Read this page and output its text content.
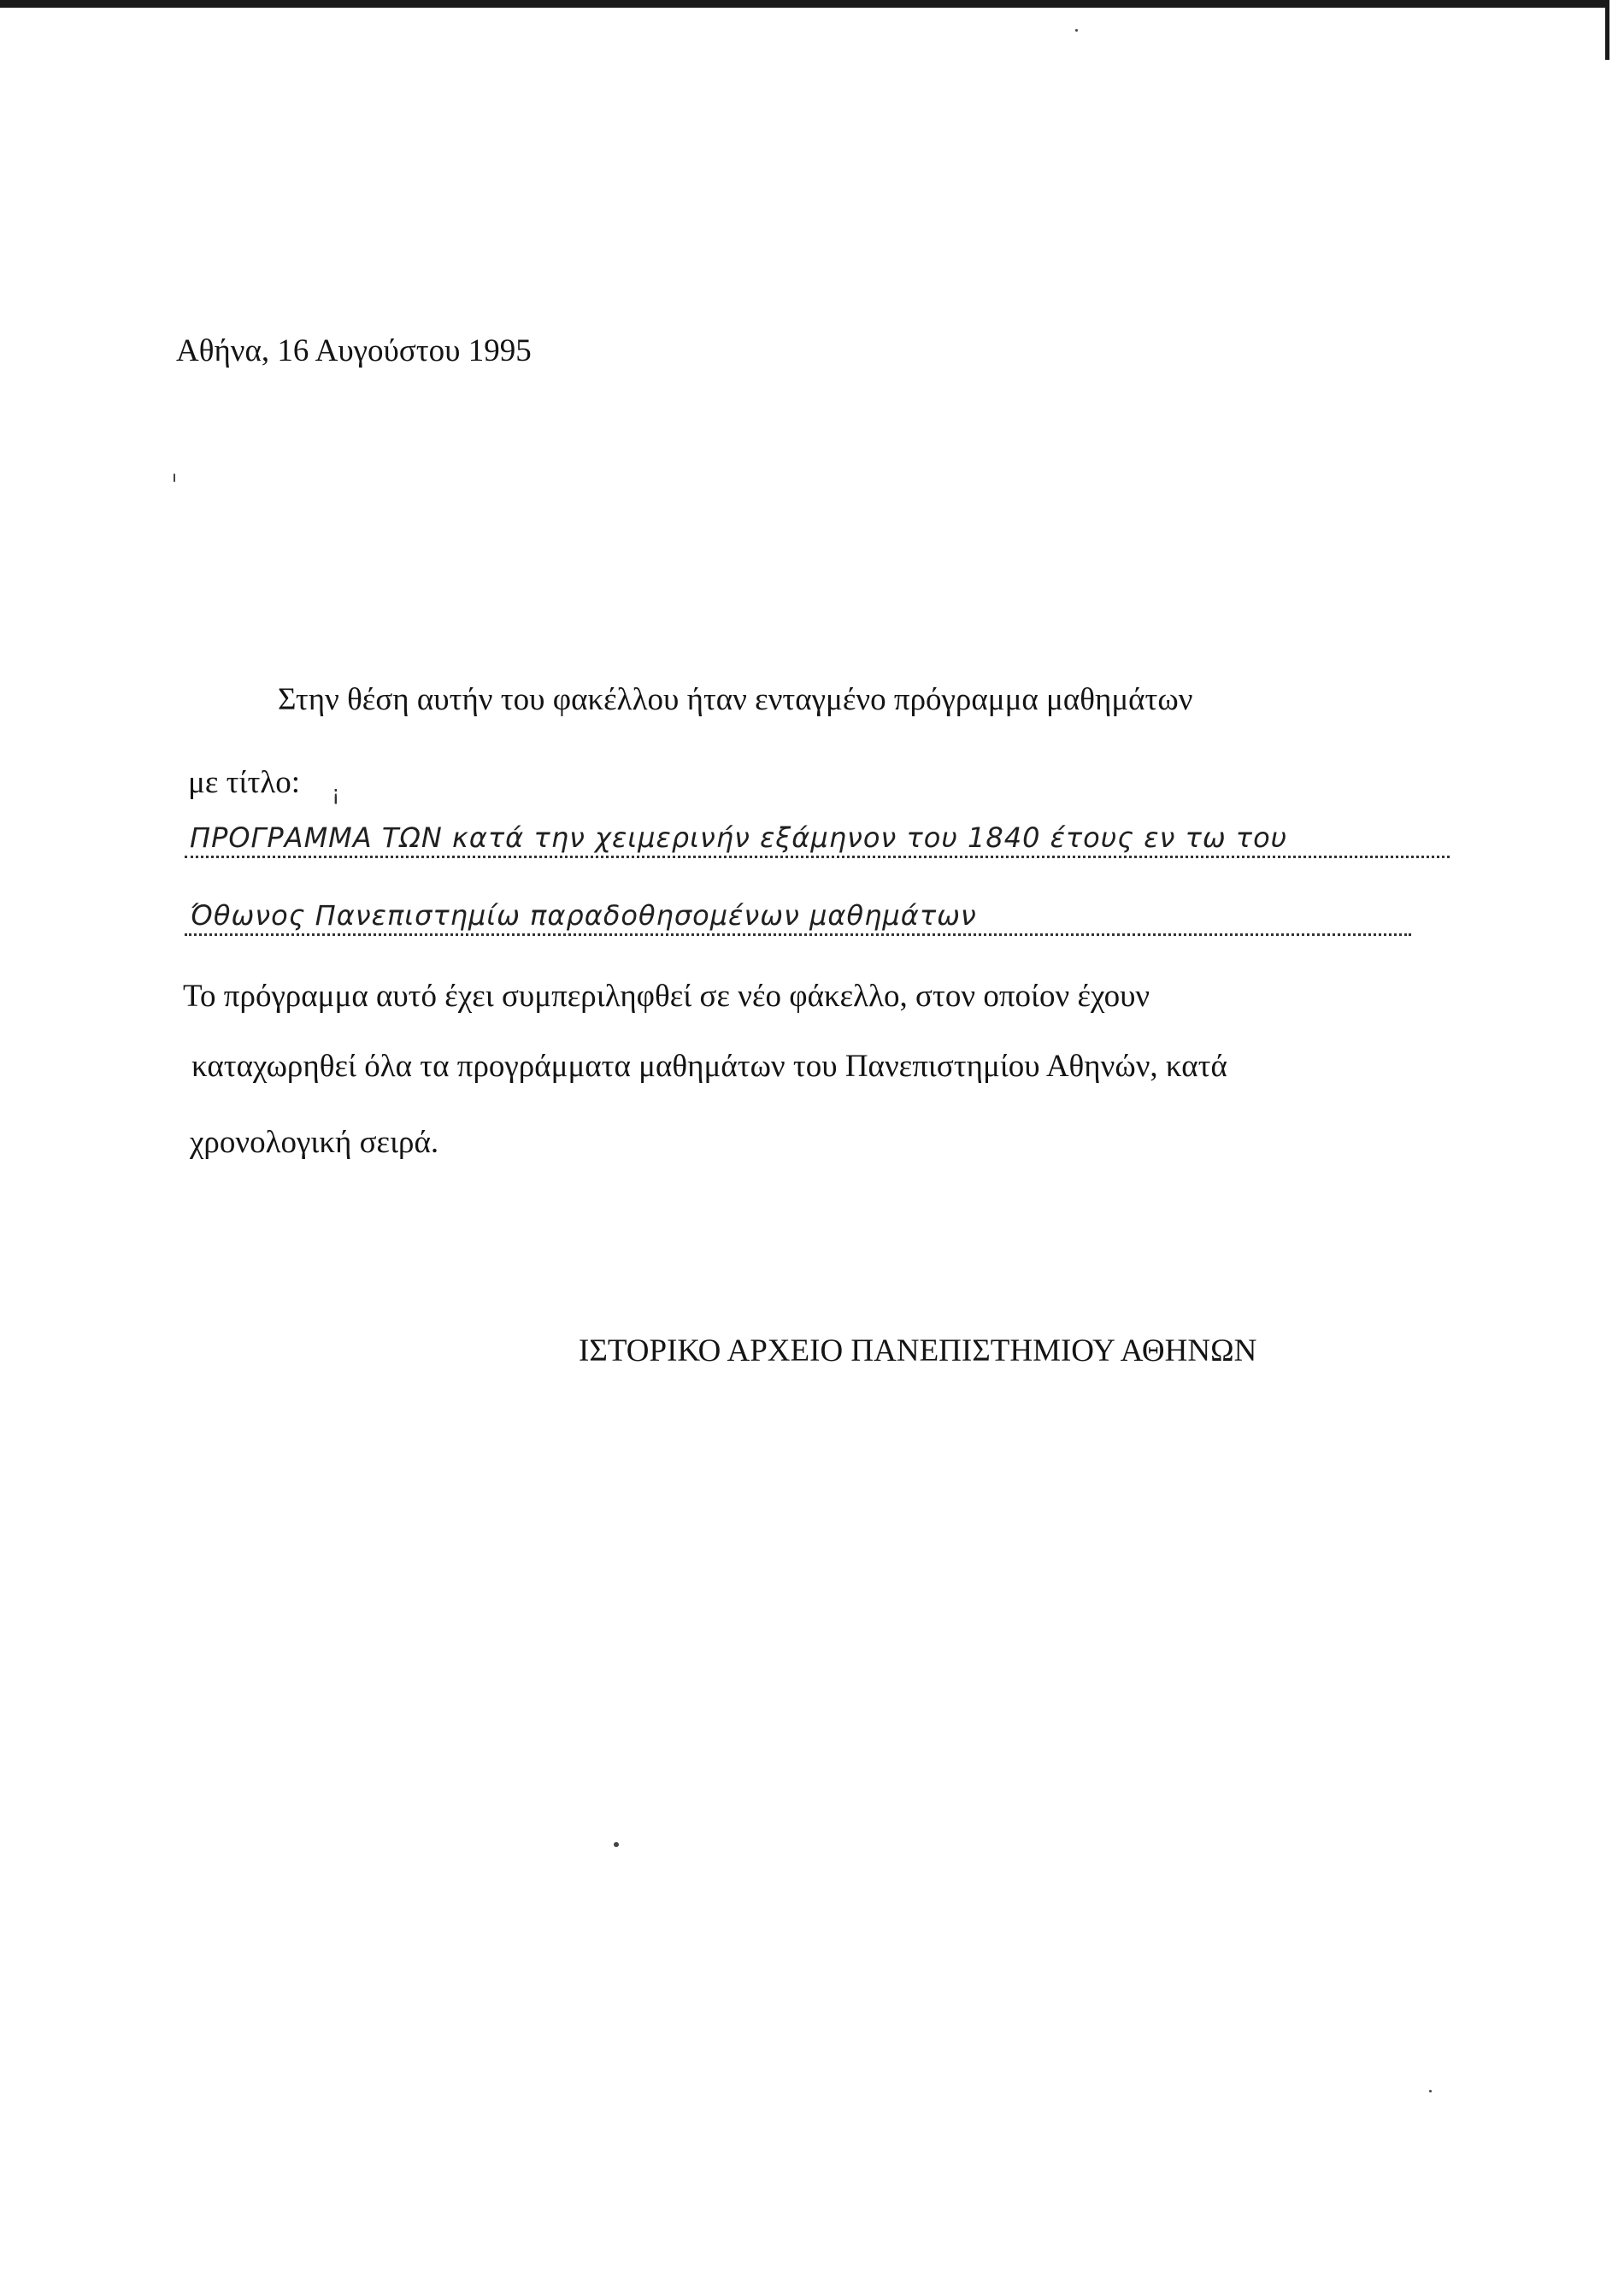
Αθήνα, 16 Αυγούστου 1995
Στην θέση αυτήν του φακέλλου ήταν ενταγμένο πρόγραμμα μαθημάτων
με τίτλο: ¡
ΠΡΟΓΡΑΜΜΑ ΤΩΝ κατά την χειμερινήν εξάμηνον του 1840 έτους εν τω του
Όθωνος Πανεπιστημίω παραδοθησομένων μαθημάτων
Το πρόγραμμα αυτό έχει συμπεριληφθεί σε νέο φάκελλο, στον οποίον έχουν
καταχωρηθεί όλα τα προγράμματα μαθημάτων του Πανεπιστημίου Αθηνών, κατά
χρονολογική σειρά.
ΙΣΤΟΡΙΚΟ ΑΡΧΕΙΟ ΠΑΝΕΠΙΣΤΗΜΙΟΥ ΑΘΗΝΩΝ
